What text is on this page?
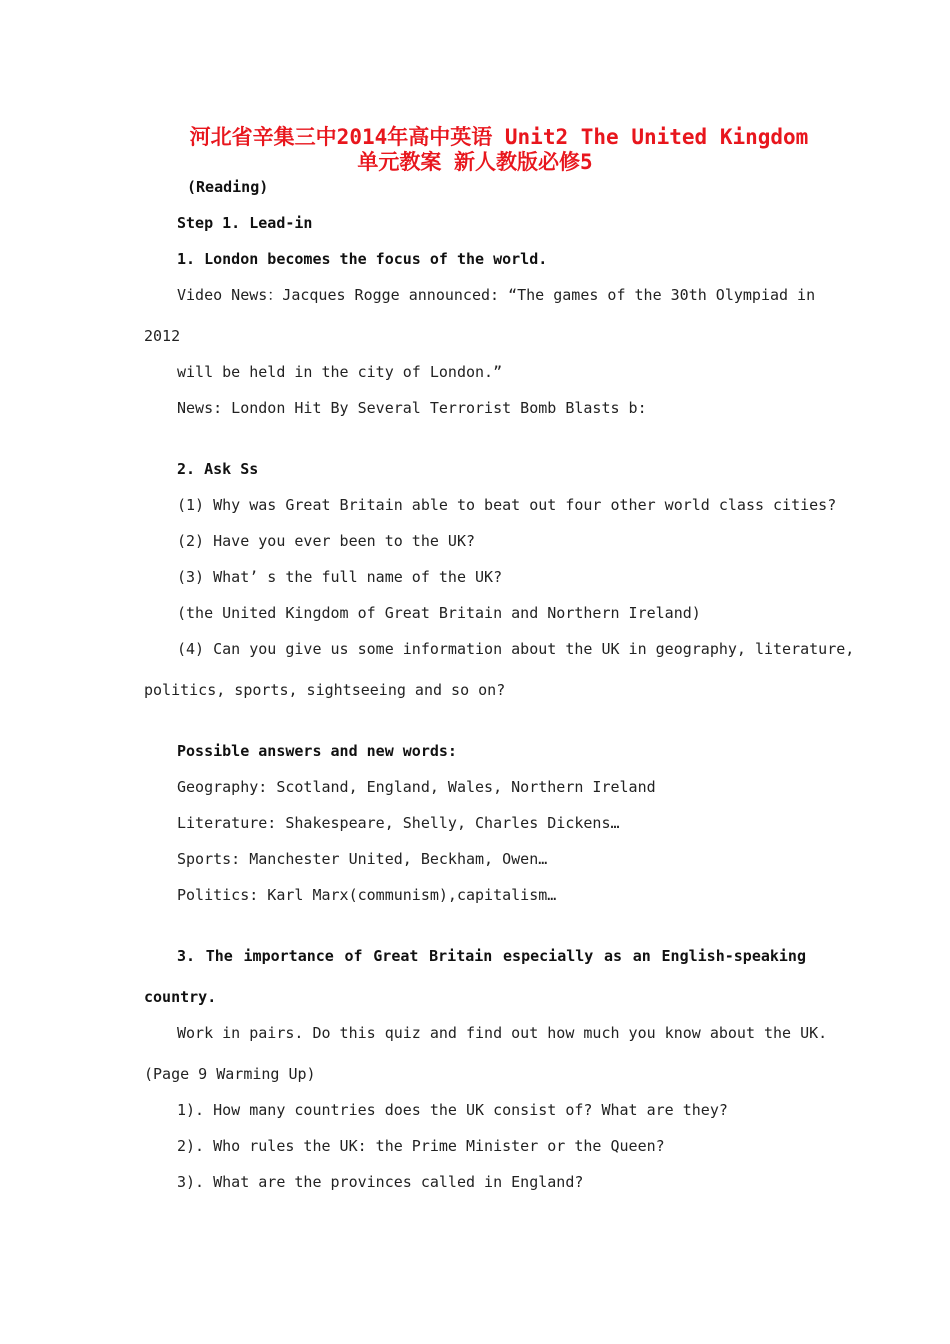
河北省辛集三中2014年高中英语 Unit2 The United Kingdom
单元教案 新人教版必修5
(Reading)
Step 1. Lead-in
1. London becomes the focus of the world.
Video News：Jacques Rogge announced: “The games of the 30th Olympiad in
2012
will be held in the city of London.”
News: London Hit By Several Terrorist Bomb Blasts b:
2. Ask Ss
(1) Why was Great Britain able to beat out four other world class cities?
(2) Have you ever been to the UK?
(3) What’ s the full name of the UK?
(the United Kingdom of Great Britain and Northern Ireland)
(4) Can you give us some information about the UK in geography, literature,
politics, sports, sightseeing and so on?
Possible answers and new words:
Geography: Scotland, England, Wales, Northern Ireland
Literature: Shakespeare, Shelly, Charles Dickens…
Sports: Manchester United, Beckham, Owen…
Politics: Karl Marx(communism),capitalism…
3. The importance of Great Britain especially as an English-speaking
country.
Work in pairs. Do this quiz and find out how much you know about the UK.
(Page 9 Warming Up)
1). How many countries does the UK consist of? What are they?
2). Who rules the UK: the Prime Minister or the Queen?
3). What are the provinces called in England?
